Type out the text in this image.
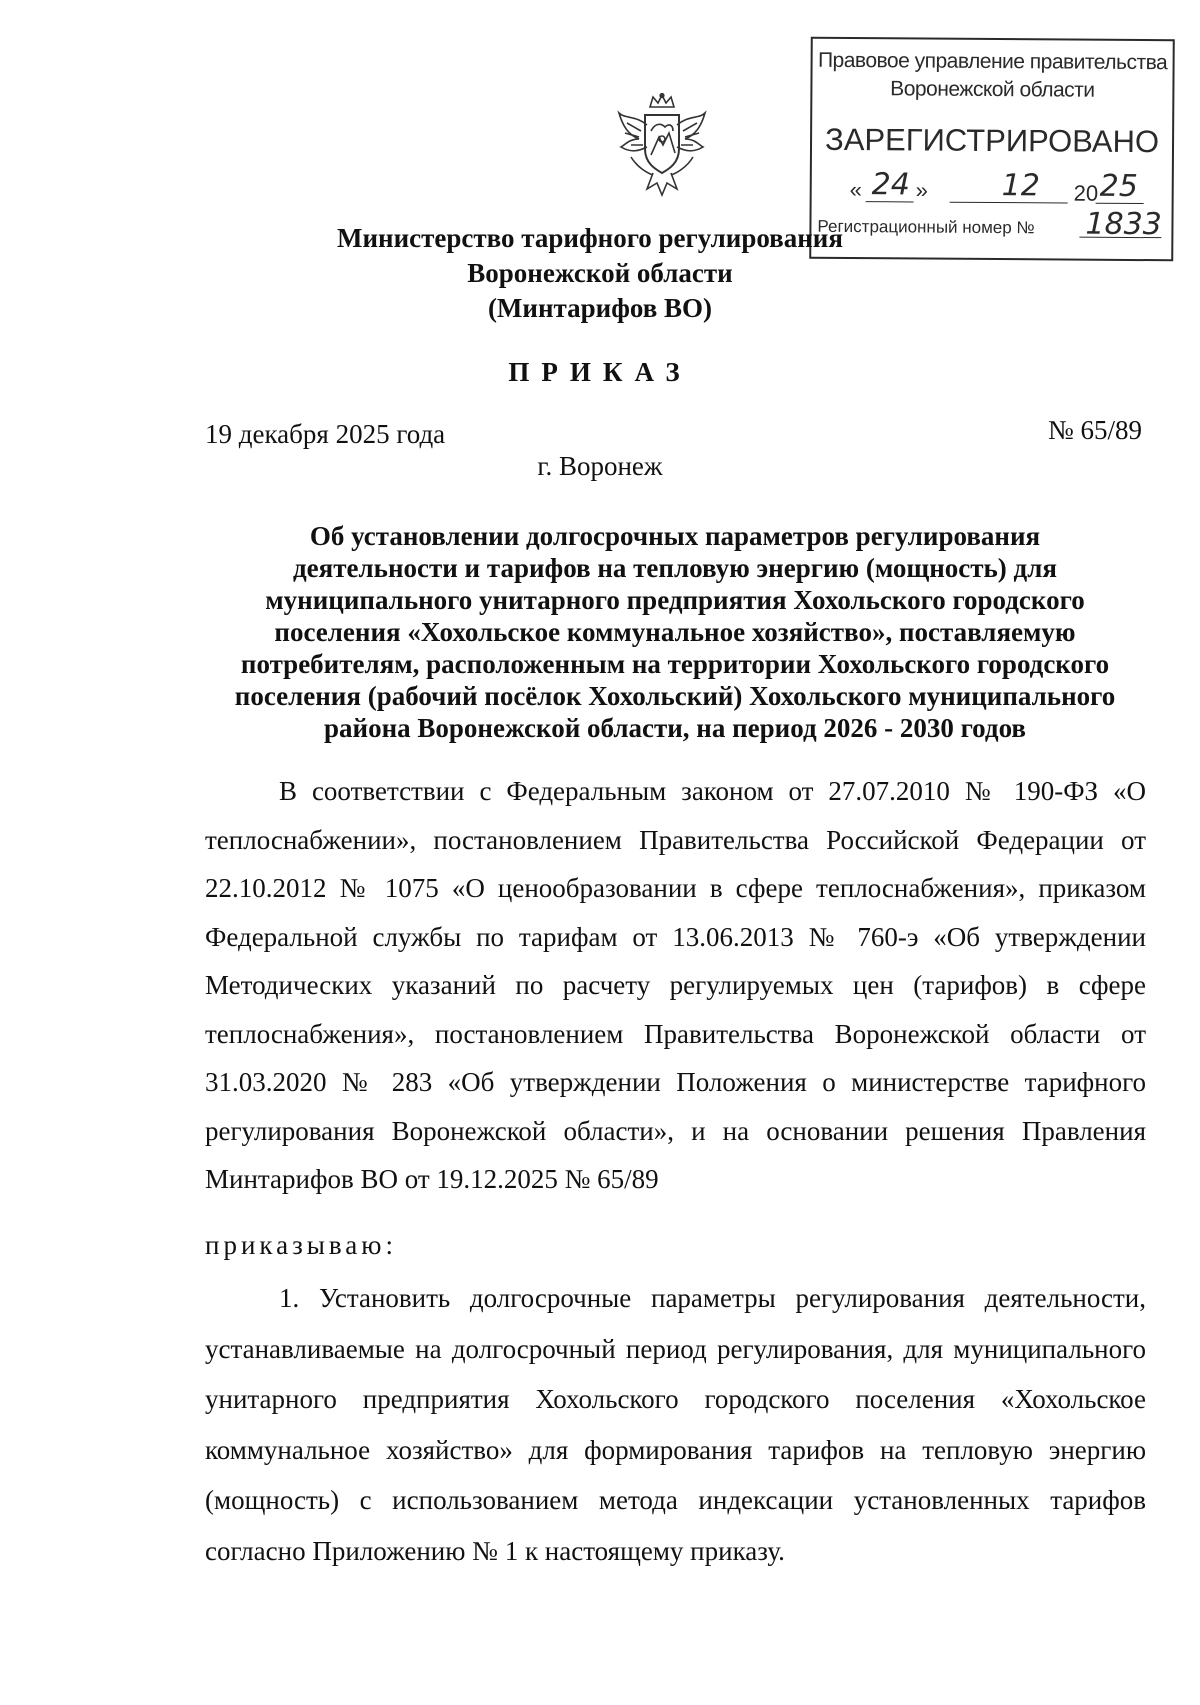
Правовое управление правительства
Воронежской области
ЗАРЕГИСТРИРОВАНО
« 24 » 12 20 25
Регистрационный номер № 1833
Министерство тарифного регулирования
Воронежской области
(Минтарифов ВО)
ПРИКАЗ
19 декабря 2025 года	№ 65/89
г. Воронеж
Об установлении долгосрочных параметров регулирования
деятельности и тарифов на тепловую энергию (мощность) для
муниципального унитарного предприятия Хохольского городского
поселения «Хохольское коммунальное хозяйство», поставляемую
потребителям, расположенным на территории Хохольского городского
поселения (рабочий посёлок Хохольский) Хохольского муниципального
района Воронежской области, на период 2026 - 2030 годов
В соответствии с Федеральным законом от 27.07.2010 № 190-ФЗ «О теплоснабжении», постановлением Правительства Российской Федерации от 22.10.2012 № 1075 «О ценообразовании в сфере теплоснабжения», приказом Федеральной службы по тарифам от 13.06.2013 № 760-э «Об утверждении Методических указаний по расчету регулируемых цен (тарифов) в сфере теплоснабжения», постановлением Правительства Воронежской области от 31.03.2020 № 283 «Об утверждении Положения о министерстве тарифного регулирования Воронежской области», и на основании решения Правления Минтарифов ВО от 19.12.2025 № 65/89
приказываю:
1. Установить долгосрочные параметры регулирования деятельности, устанавливаемые на долгосрочный период регулирования, для муниципального унитарного предприятия Хохольского городского поселения «Хохольское коммунальное хозяйство» для формирования тарифов на тепловую энергию (мощность) с использованием метода индексации установленных тарифов согласно Приложению № 1 к настоящему приказу.
